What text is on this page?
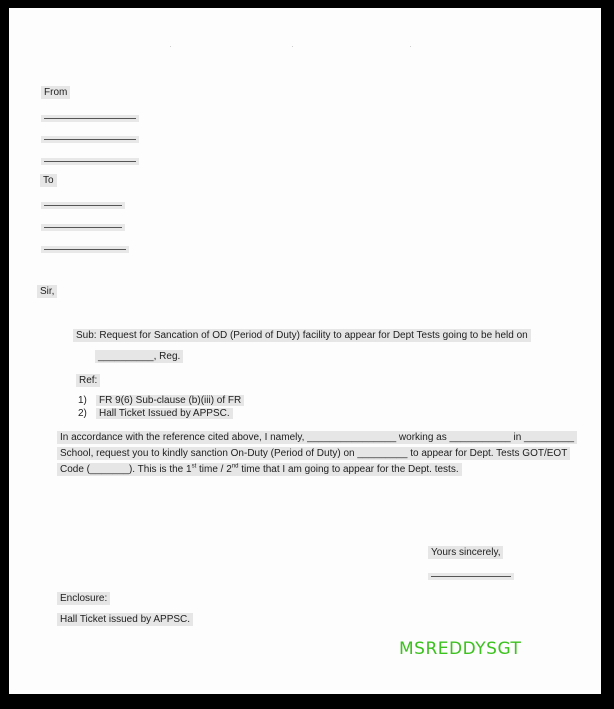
·	·	·
From
To
Sir,
Sub: Request for Sancation of OD (Period of Duty) facility to appear for Dept Tests going to be held on
__________, Reg.
Ref:
1) FR 9(6) Sub-clause (b)(iii) of FR
2) Hall Ticket Issued by APPSC.
In accordance with the reference cited above, I namely, ________________ working as ___________ in _________
School, request you to kindly sanction On-Duty (Period of Duty) on _________ to appear for Dept. Tests GOT/EOT
Code (_______). This is the 1st time / 2nd time that I am going to appear for the Dept. tests.
Yours sincerely,
Enclosure:
Hall Ticket issued by APPSC.
MSREDDYSGT
